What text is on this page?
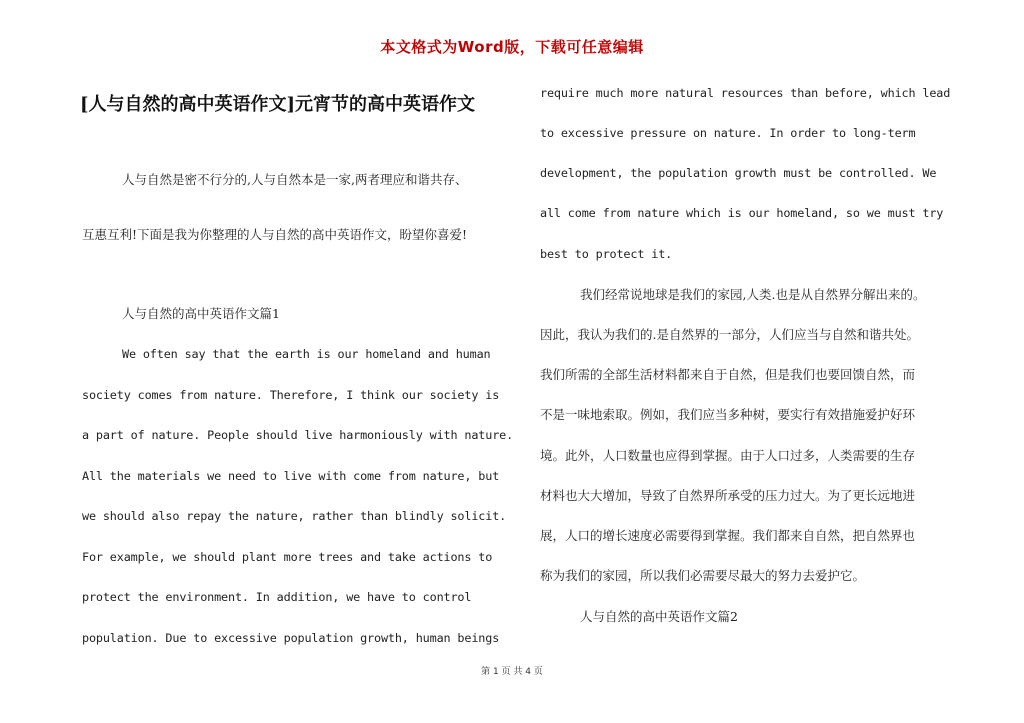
本文格式为Word版，下载可任意编辑
[人与自然的高中英语作文]元宵节的高中英语作文
人与自然是密不行分的,人与自然本是一家,两者理应和谐共存、
互惠互利!下面是我为你整理的人与自然的高中英语作文，盼望你喜爱!
人与自然的高中英语作文篇1
We often say that the earth is our homeland and human
society comes from nature. Therefore, I think our society is
a part of nature. People should live harmoniously with nature.
All the materials we need to live with come from nature, but
we should also repay the nature, rather than blindly solicit.
For example, we should plant more trees and take actions to
protect the environment. In addition, we have to control
population. Due to excessive population growth, human beings
require much more natural resources than before, which lead
to excessive pressure on nature. In order to long-term
development, the population growth must be controlled. We
all come from nature which is our homeland, so we must try
best to protect it.
我们经常说地球是我们的家园,人类.也是从自然界分解出来的。
因此，我认为我们的.是自然界的一部分，人们应当与自然和谐共处。
我们所需的全部生活材料都来自于自然，但是我们也要回馈自然，而
不是一味地索取。例如，我们应当多种树，要实行有效措施爱护好环
境。此外，人口数量也应得到掌握。由于人口过多，人类需要的生存
材料也大大增加，导致了自然界所承受的压力过大。为了更长远地进
展，人口的增长速度必需要得到掌握。我们都来自自然，把自然界也
称为我们的家园，所以我们必需要尽最大的努力去爱护它。
人与自然的高中英语作文篇2
第 1 页 共 4 页
